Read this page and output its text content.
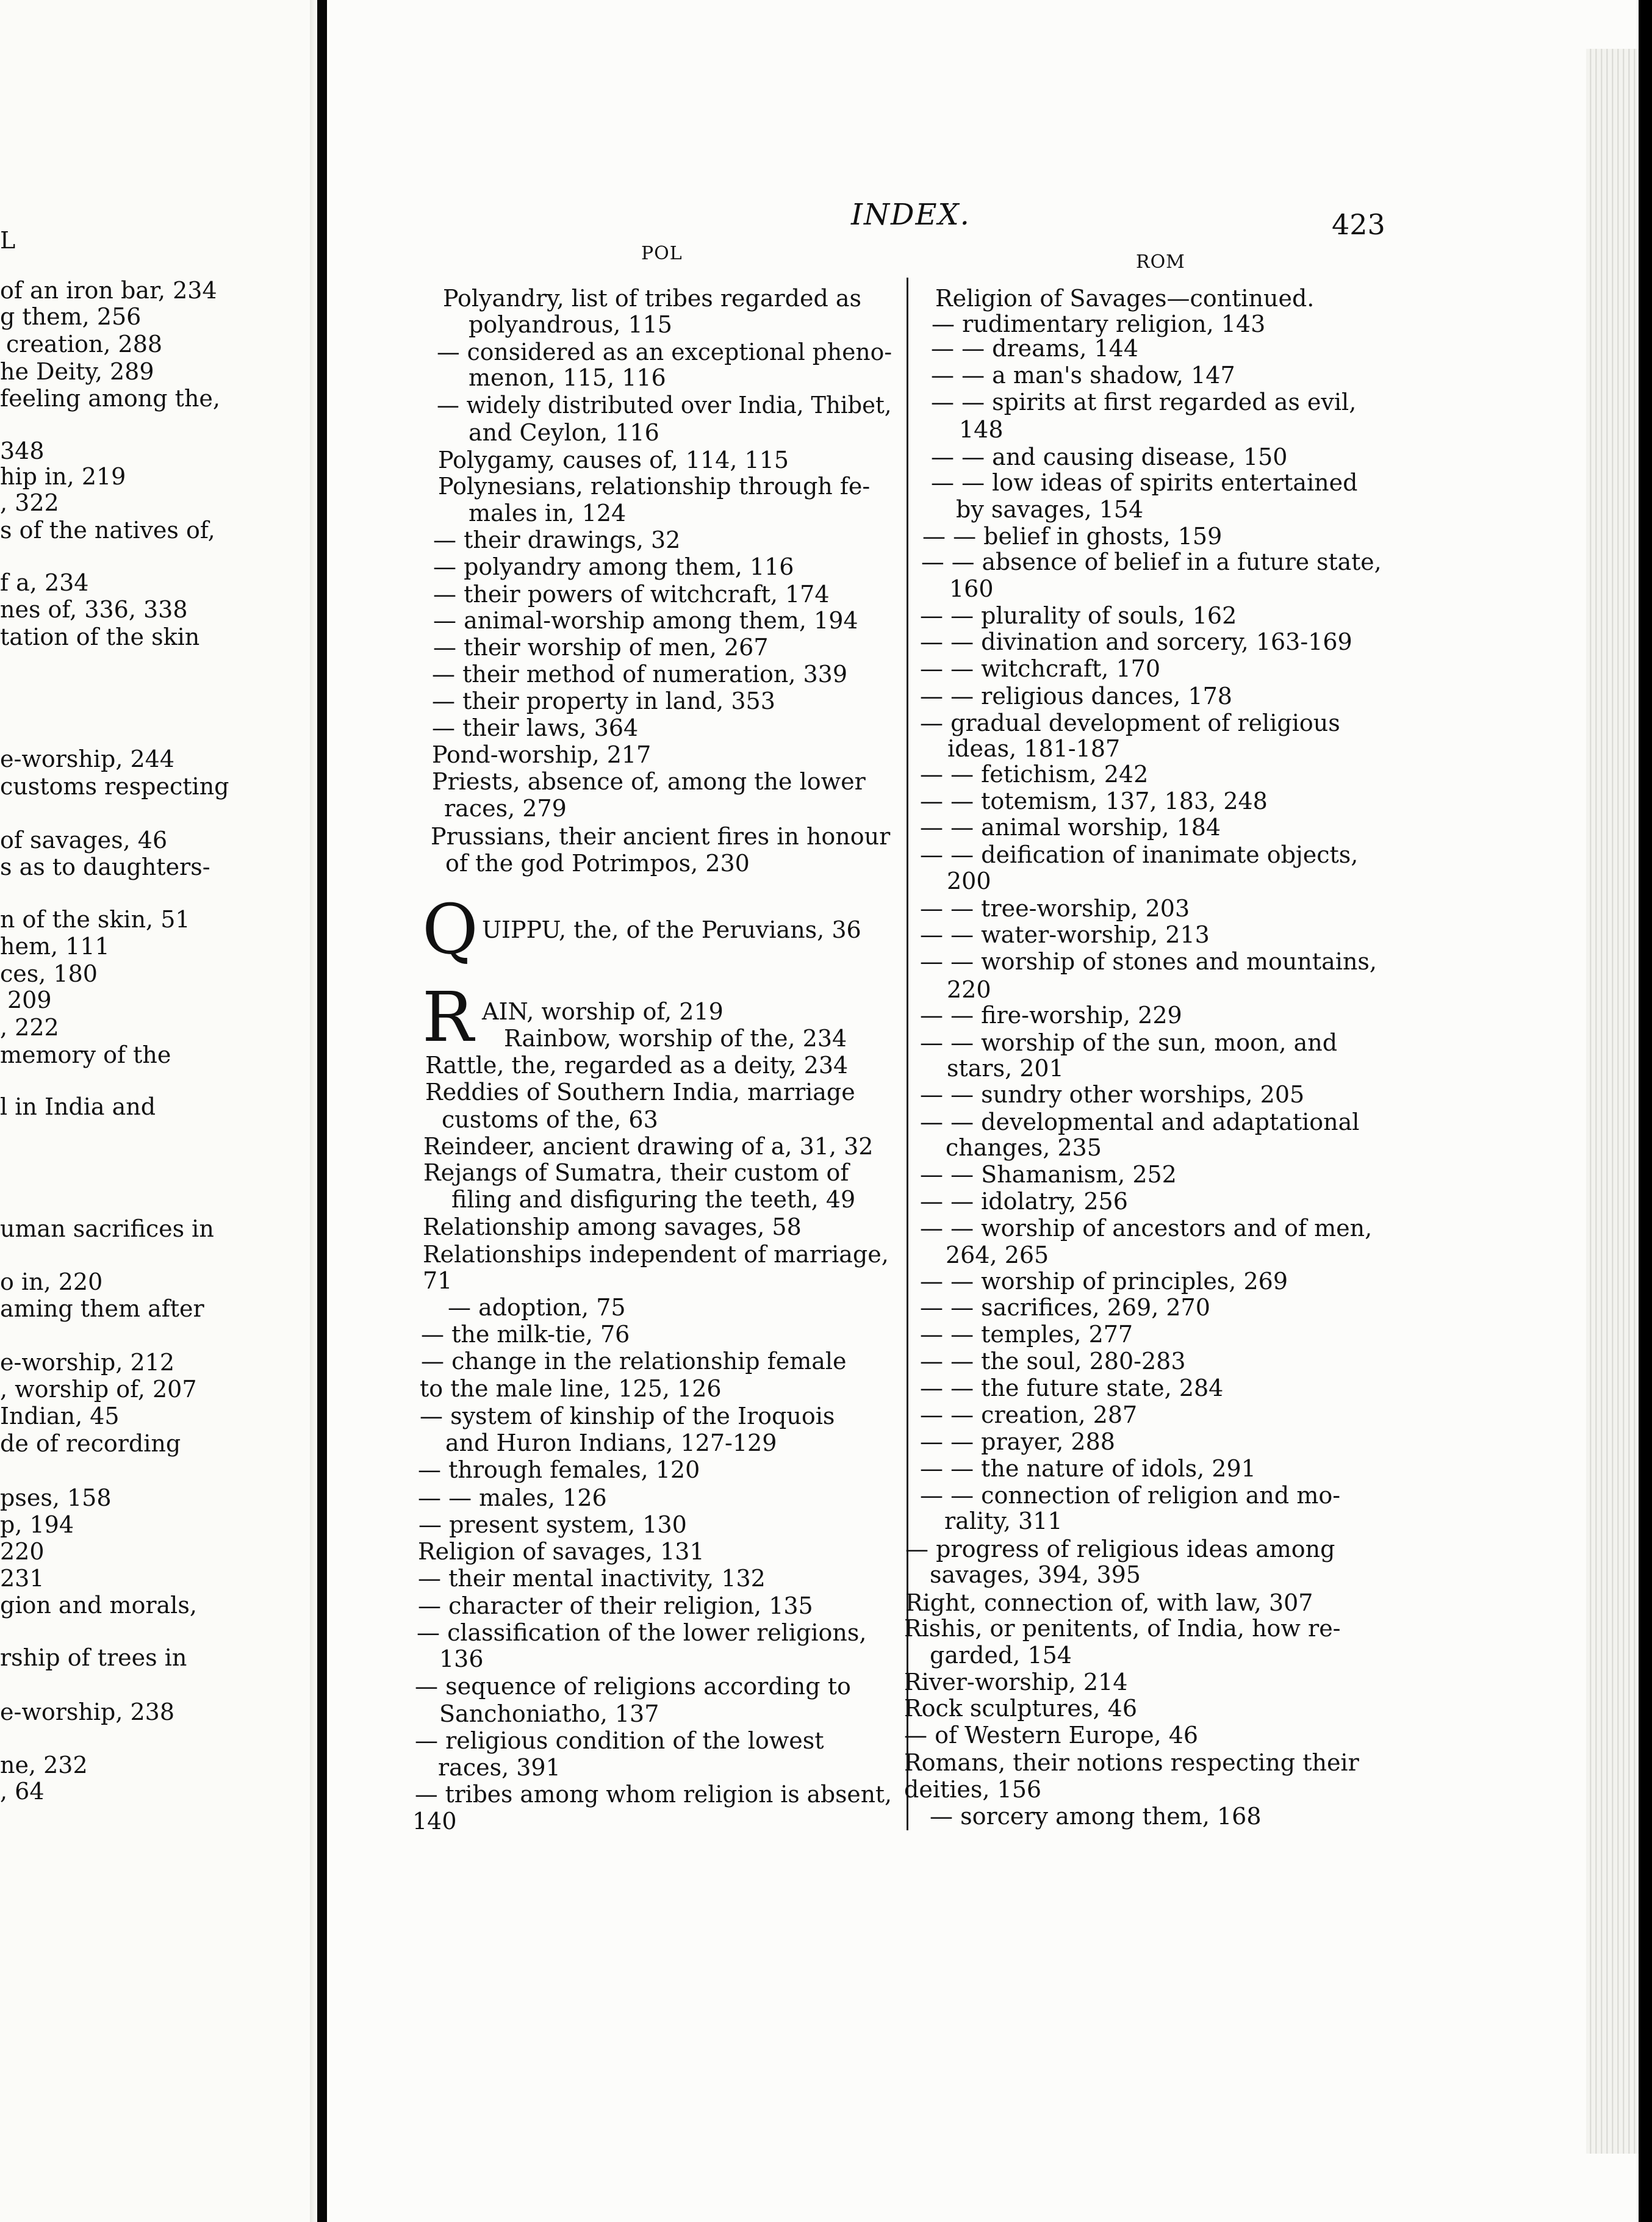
L
of an iron bar, 234
g them, 256
creation, 288
he Deity, 289
feeling among the,
348
hip in, 219
, 322
s of the natives of,
f a, 234
nes of, 336, 338
tation of the skin
e-worship, 244
customs respecting
of savages, 46
s as to daughters-
n of the skin, 51
hem, 111
ces, 180
209
, 222
memory of the
l in India and
uman sacrifices in
o in, 220
aming them after
e-worship, 212
, worship of, 207
Indian, 45
de of recording
pses, 158
p, 194
220
231
gion and morals,
rship of trees in
e-worship, 238
ne, 232
, 64
INDEX.	423
POL	ROM
Q
R
Polyandry, list of tribes regarded as
polyandrous, 115
— considered as an exceptional pheno-
menon, 115, 116
— widely distributed over India, Thibet,
and Ceylon, 116
Polygamy, causes of, 114, 115
Polynesians, relationship through fe-
males in, 124
— their drawings, 32
— polyandry among them, 116
— their powers of witchcraft, 174
— animal-worship among them, 194
— their worship of men, 267
— their method of numeration, 339
— their property in land, 353
— their laws, 364
Pond-worship, 217
Priests, absence of, among the lower
races, 279
Prussians, their ancient fires in honour
of the god Potrimpos, 230
UIPPU, the, of the Peruvians, 36
AIN, worship of, 219
Rainbow, worship of the, 234
Rattle, the, regarded as a deity, 234
Reddies of Southern India, marriage
customs of the, 63
Reindeer, ancient drawing of a, 31, 32
Rejangs of Sumatra, their custom of
filing and disfiguring the teeth, 49
Relationship among savages, 58
Relationships independent of marriage,
71
— adoption, 75
— the milk-tie, 76
— change in the relationship female
to the male line, 125, 126
— system of kinship of the Iroquois
and Huron Indians, 127-129
— through females, 120
— — males, 126
— present system, 130
Religion of savages, 131
— their mental inactivity, 132
— character of their religion, 135
— classification of the lower religions,
136
— sequence of religions according to
Sanchoniatho, 137
— religious condition of the lowest
races, 391
— tribes among whom religion is absent,
140
Religion of Savages—continued.
— rudimentary religion, 143
— — dreams, 144
— — a man's shadow, 147
— — spirits at first regarded as evil,
148
— — and causing disease, 150
— — low ideas of spirits entertained
by savages, 154
— — belief in ghosts, 159
— — absence of belief in a future state,
160
— — plurality of souls, 162
— — divination and sorcery, 163-169
— — witchcraft, 170
— — religious dances, 178
— gradual development of religious
ideas, 181-187
— — fetichism, 242
— — totemism, 137, 183, 248
— — animal worship, 184
— — deification of inanimate objects,
200
— — tree-worship, 203
— — water-worship, 213
— — worship of stones and mountains,
220
— — fire-worship, 229
— — worship of the sun, moon, and
stars, 201
— — sundry other worships, 205
— — developmental and adaptational
changes, 235
— — Shamanism, 252
— — idolatry, 256
— — worship of ancestors and of men,
264, 265
— — worship of principles, 269
— — sacrifices, 269, 270
— — temples, 277
— — the soul, 280-283
— — the future state, 284
— — creation, 287
— — prayer, 288
— — the nature of idols, 291
— — connection of religion and mo-
rality, 311
— progress of religious ideas among
savages, 394, 395
Right, connection of, with law, 307
Rishis, or penitents, of India, how re-
garded, 154
River-worship, 214
Rock sculptures, 46
— of Western Europe, 46
Romans, their notions respecting their
deities, 156
— sorcery among them, 168
